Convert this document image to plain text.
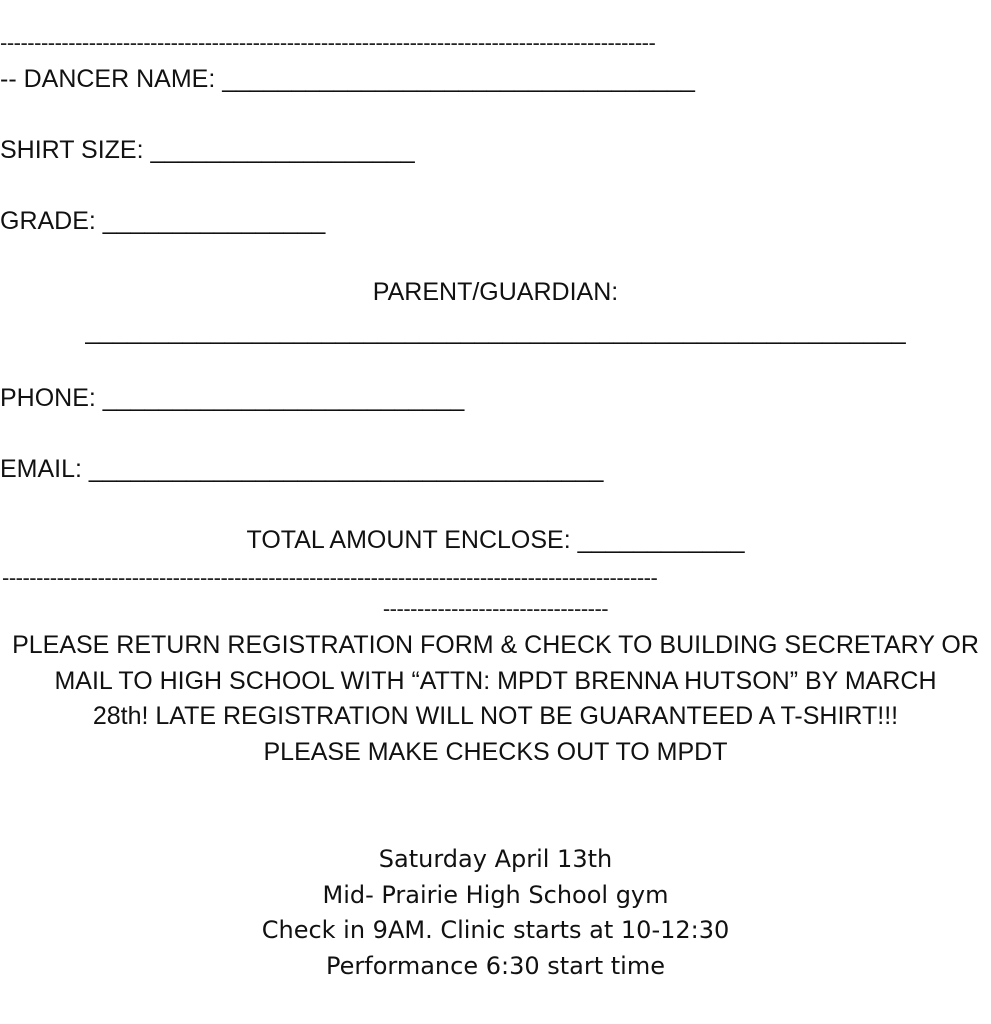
------------------------------------------------------------------------------------------------
-- DANCER NAME: __________________________________
SHIRT SIZE: ___________________
GRADE: ________________
PARENT/GUARDIAN:
___________________________________________________________
PHONE: __________________________
EMAIL: _____________________________________
TOTAL AMOUNT ENCLOSE: ____________
------------------------------------------------------------------------------------------------
---------------------------------
PLEASE RETURN REGISTRATION FORM & CHECK TO BUILDING SECRETARY OR
MAIL TO HIGH SCHOOL WITH “ATTN: MPDT BRENNA HUTSON” BY MARCH
28th! LATE REGISTRATION WILL NOT BE GUARANTEED A T-SHIRT!!!
PLEASE MAKE CHECKS OUT TO MPDT
Saturday April 13th
Mid- Prairie High School gym
Check in 9AM. Clinic starts at 10-12:30
Performance 6:30 start time
